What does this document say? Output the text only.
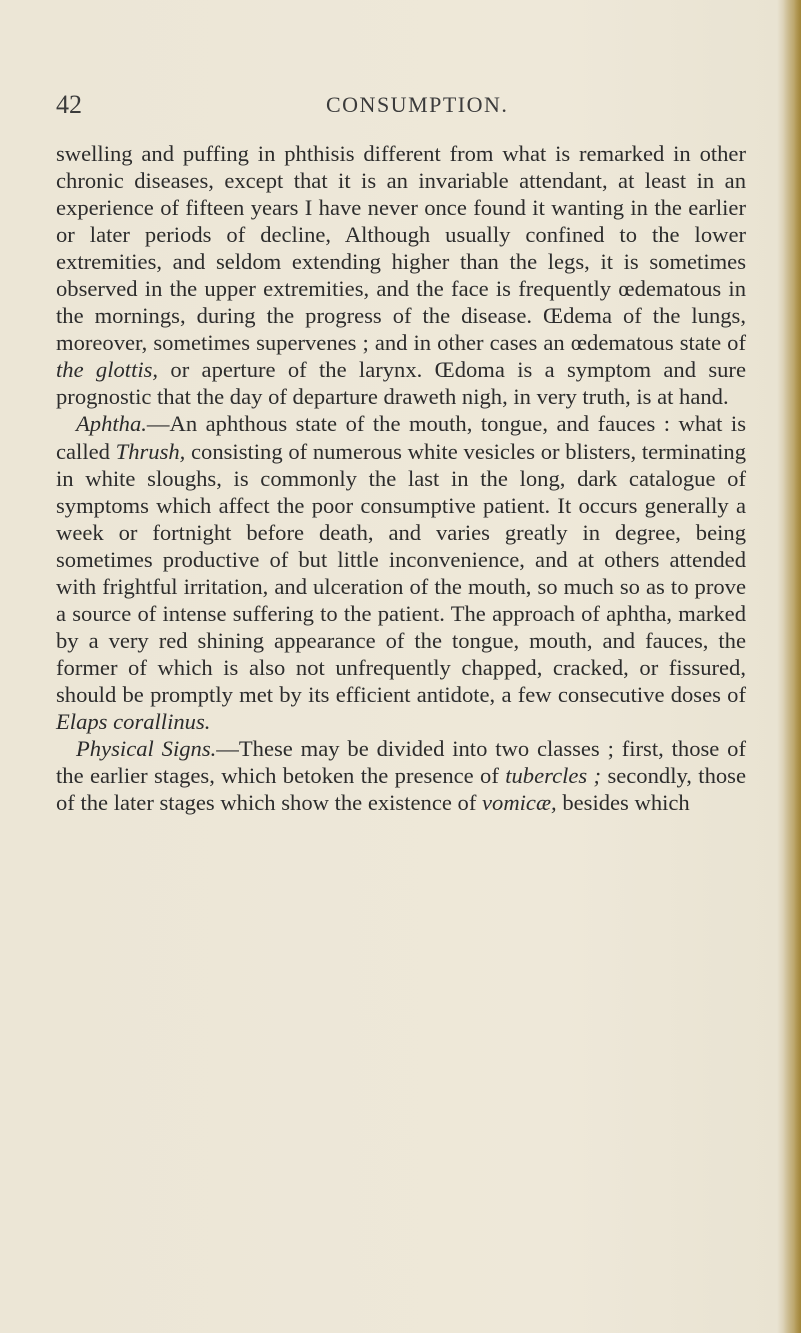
42	CONSUMPTION.

swelling and puffing in phthisis different from what is remarked in other chronic diseases, except that it is an invariable attendant, at least in an experience of fifteen years I have never once found it wanting in the earlier or later periods of decline, Although usually confined to the lower extremities, and seldom extending higher than the legs, it is sometimes observed in the upper extremities, and the face is frequently œdematous in the mornings, during the progress of the disease. Œdema of the lungs, moreover, sometimes supervenes ; and in other cases an œdematous state of the glottis, or aperture of the larynx. Œdoma is a symptom and sure prognostic that the day of departure draweth nigh, in very truth, is at hand.

Aphtha.—An aphthous state of the mouth, tongue, and fauces : what is called Thrush, consisting of numerous white vesicles or blisters, terminating in white sloughs, is commonly the last in the long, dark catalogue of symptoms which affect the poor consumptive patient. It occurs generally a week or fortnight before death, and varies greatly in degree, being sometimes productive of but little inconvenience, and at others attended with frightful irritation, and ulceration of the mouth, so much so as to prove a source of intense suffering to the patient. The approach of aphtha, marked by a very red shining appearance of the tongue, mouth, and fauces, the former of which is also not unfrequently chapped, cracked, or fissured, should be promptly met by its efficient antidote, a few consecutive doses of Elaps corallinus.

Physical Signs.—These may be divided into two classes ; first, those of the earlier stages, which betoken the presence of tubercles ; secondly, those of the later stages which show the existence of vomicæ, besides which
